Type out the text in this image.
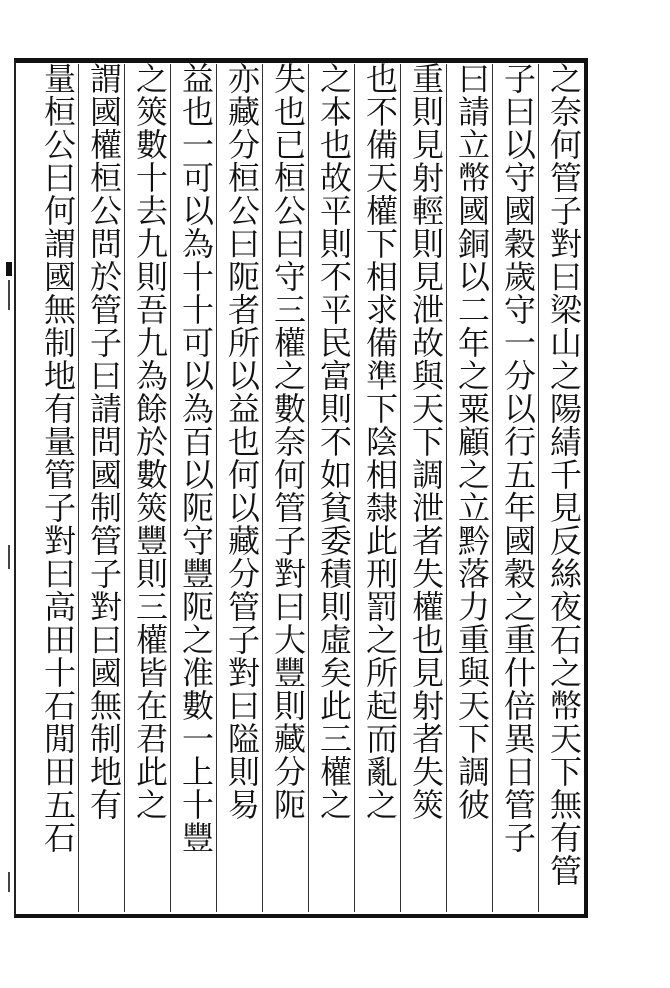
之奈何管子對曰梁山之陽綪千見反絲夜石之幣天下無有管
子曰以守國穀歲守一分以行五年國穀之重什倍異日管子
曰請立幣國銅以二年之粟顧之立黔落力重與天下調彼
重則見射輕則見泄故與天下調泄者失權也見射者失筴
也不備天權下相求備準下陰相隸此刑罰之所起而亂之
之本也故平則不平民富則不如貧委積則虛矣此三權之
失也已桓公曰守三權之數奈何管子對曰大豐則藏分阨
亦藏分桓公曰阨者所以益也何以藏分管子對曰隘則易
益也一可以為十十可以為百以阨守豐阨之准數一上十豐
之筴數十去九則吾九為餘於數筴豐則三權皆在君此之
謂國權桓公問於管子曰請問國制管子對曰國無制地有
量桓公曰何謂國無制地有量管子對曰高田十石閒田五石
